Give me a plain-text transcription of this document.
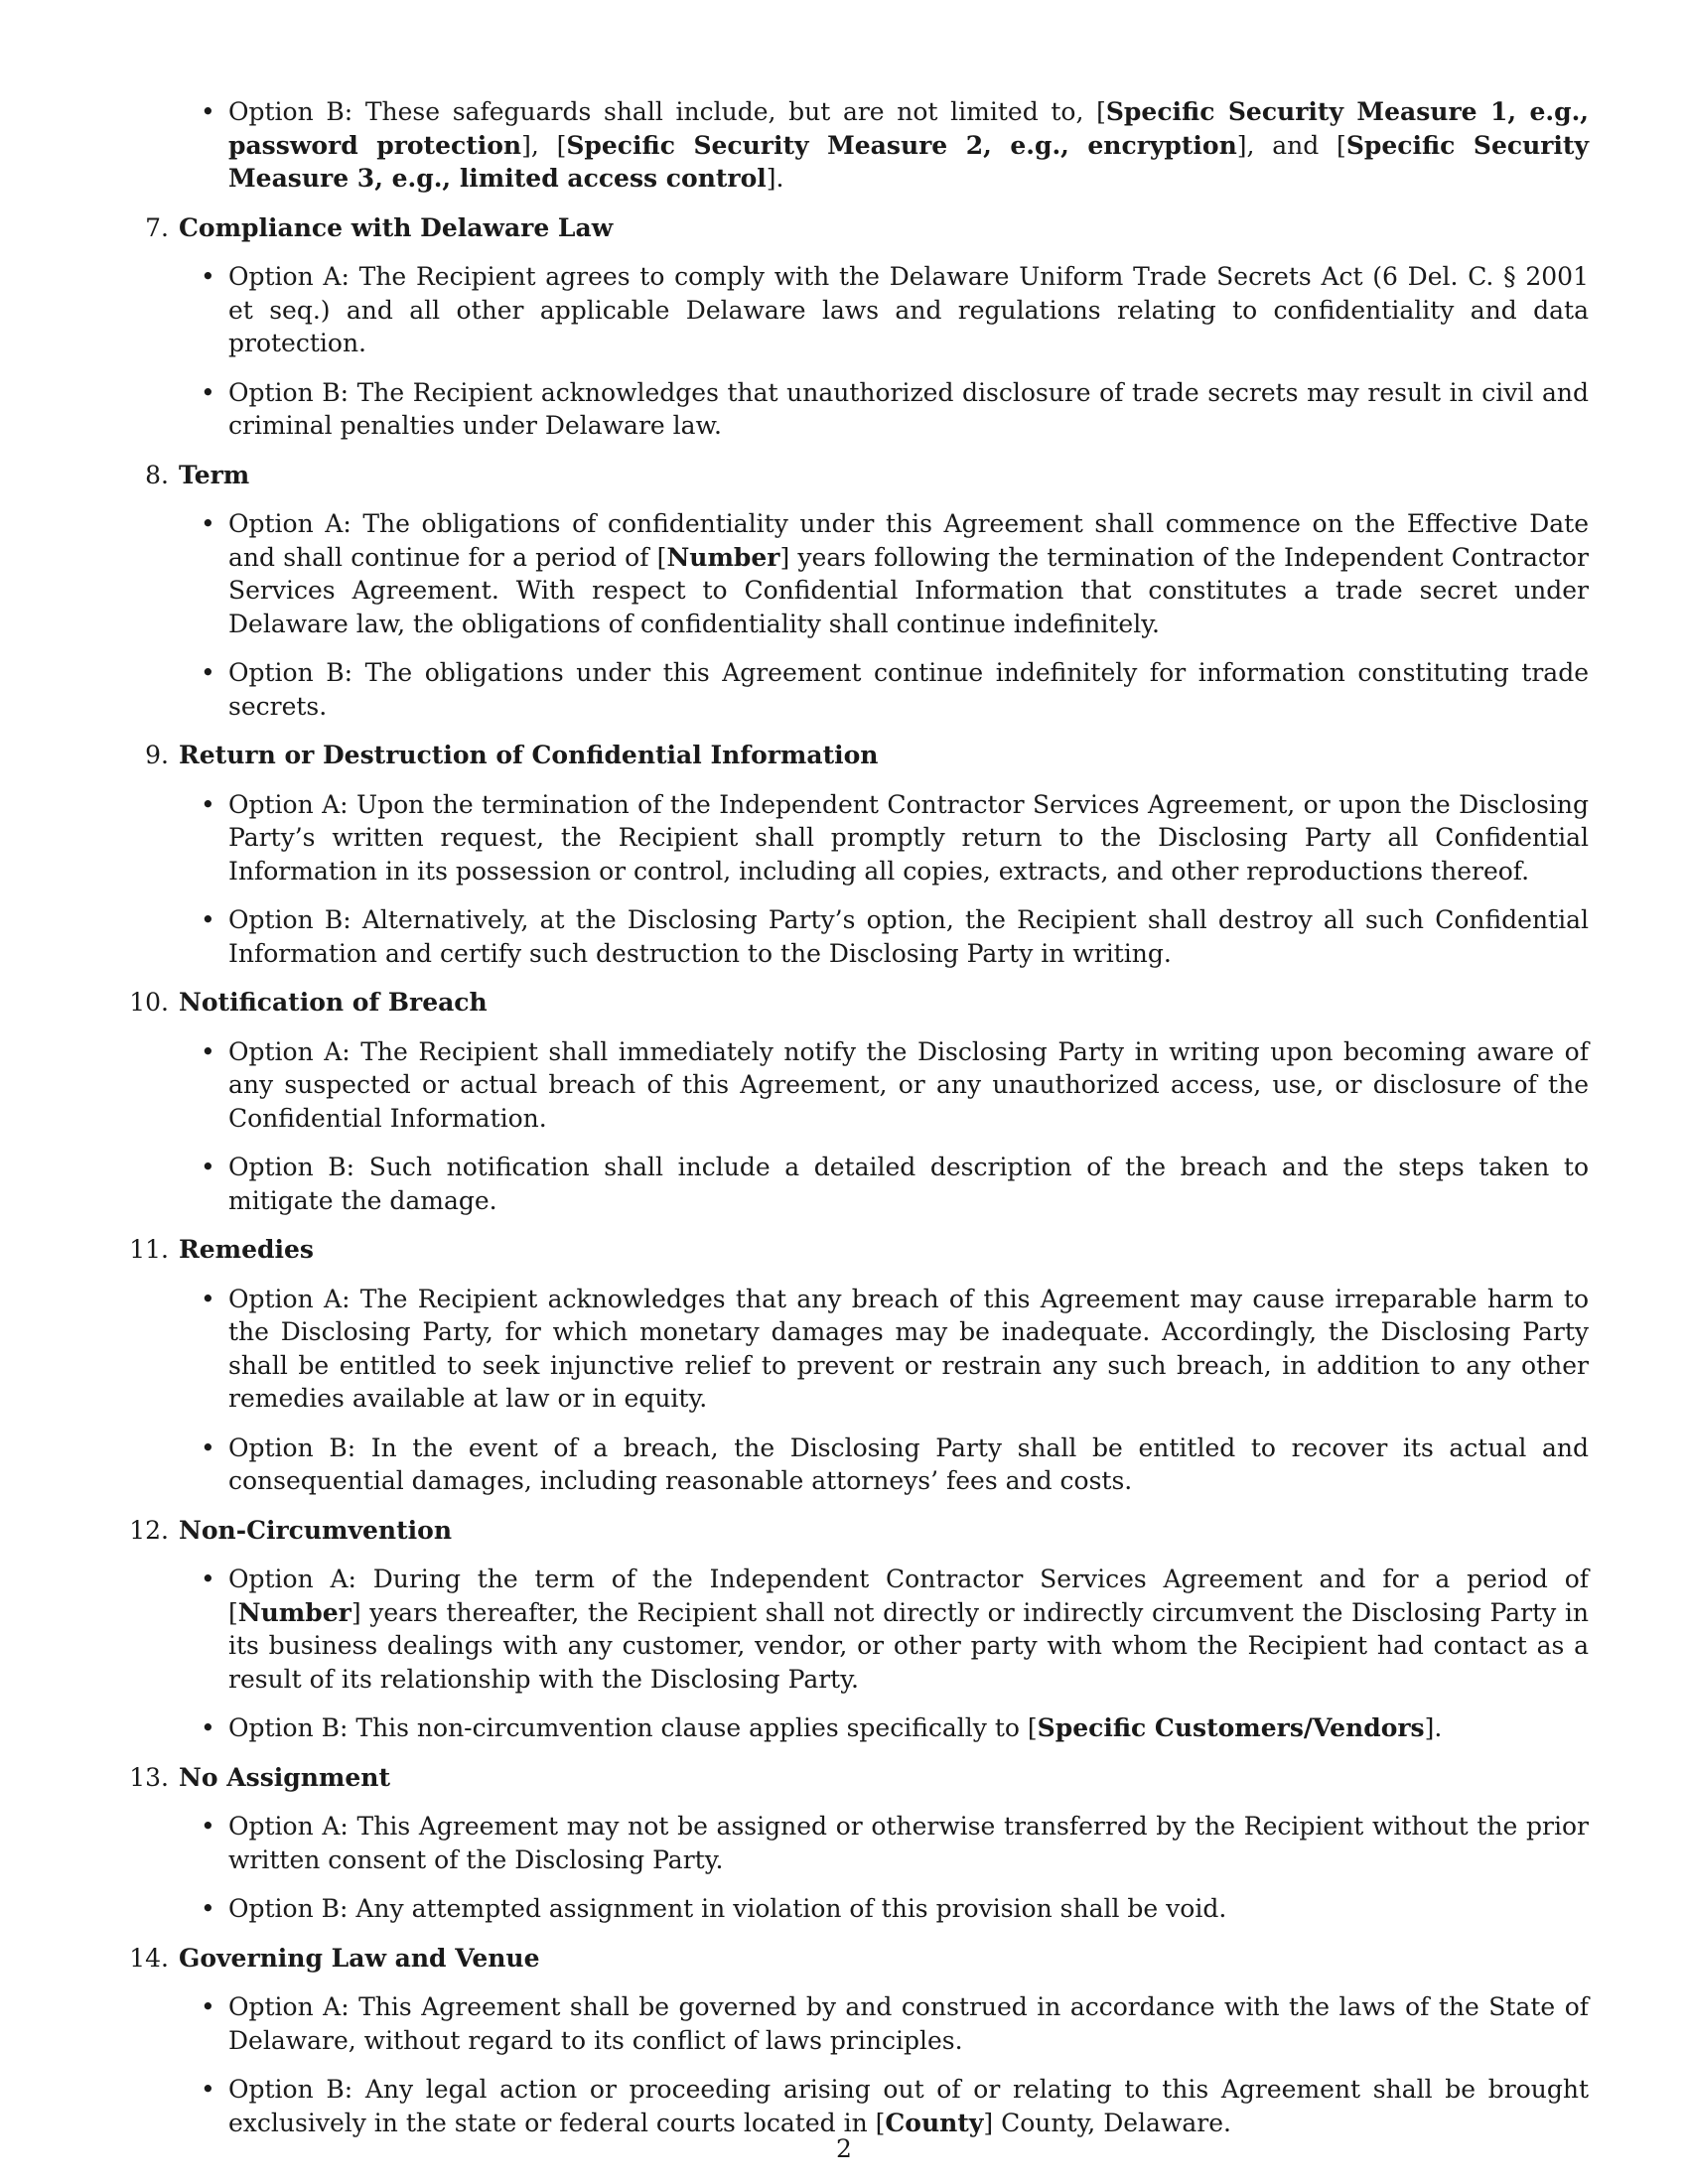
• Option B: These safeguards shall include, but are not limited to, [Specific Security Measure 1, e.g., password protection], [Specific Security Measure 2, e.g., encryption], and [Specific Security Measure 3, e.g., limited access control].
7. Compliance with Delaware Law
• Option A: The Recipient agrees to comply with the Delaware Uniform Trade Secrets Act (6 Del. C. § 2001 et seq.) and all other applicable Delaware laws and regulations relating to confidentiality and data protection.
• Option B: The Recipient acknowledges that unauthorized disclosure of trade secrets may result in civil and criminal penalties under Delaware law.
8. Term
• Option A: The obligations of confidentiality under this Agreement shall commence on the Effective Date and shall continue for a period of [Number] years following the termination of the Independent Contractor Services Agreement. With respect to Confidential Information that constitutes a trade secret under Delaware law, the obligations of confidentiality shall continue indefinitely.
• Option B: The obligations under this Agreement continue indefinitely for information constituting trade secrets.
9. Return or Destruction of Confidential Information
• Option A: Upon the termination of the Independent Contractor Services Agreement, or upon the Disclosing Party’s written request, the Recipient shall promptly return to the Disclosing Party all Confidential Information in its possession or control, including all copies, extracts, and other reproductions thereof.
• Option B: Alternatively, at the Disclosing Party’s option, the Recipient shall destroy all such Confidential Information and certify such destruction to the Disclosing Party in writing.
10. Notification of Breach
• Option A: The Recipient shall immediately notify the Disclosing Party in writing upon becoming aware of any suspected or actual breach of this Agreement, or any unauthorized access, use, or disclosure of the Confidential Information.
• Option B: Such notification shall include a detailed description of the breach and the steps taken to mitigate the damage.
11. Remedies
• Option A: The Recipient acknowledges that any breach of this Agreement may cause irreparable harm to the Disclosing Party, for which monetary damages may be inadequate. Accordingly, the Disclosing Party shall be entitled to seek injunctive relief to prevent or restrain any such breach, in addition to any other remedies available at law or in equity.
• Option B: In the event of a breach, the Disclosing Party shall be entitled to recover its actual and consequential damages, including reasonable attorneys’ fees and costs.
12. Non-Circumvention
• Option A: During the term of the Independent Contractor Services Agreement and for a period of [Number] years thereafter, the Recipient shall not directly or indirectly circumvent the Disclosing Party in its business dealings with any customer, vendor, or other party with whom the Recipient had contact as a result of its relationship with the Disclosing Party.
• Option B: This non-circumvention clause applies specifically to [Specific Customers/Vendors].
13. No Assignment
• Option A: This Agreement may not be assigned or otherwise transferred by the Recipient without the prior written consent of the Disclosing Party.
• Option B: Any attempted assignment in violation of this provision shall be void.
14. Governing Law and Venue
• Option A: This Agreement shall be governed by and construed in accordance with the laws of the State of Delaware, without regard to its conflict of laws principles.
• Option B: Any legal action or proceeding arising out of or relating to this Agreement shall be brought exclusively in the state or federal courts located in [County] County, Delaware.
2
